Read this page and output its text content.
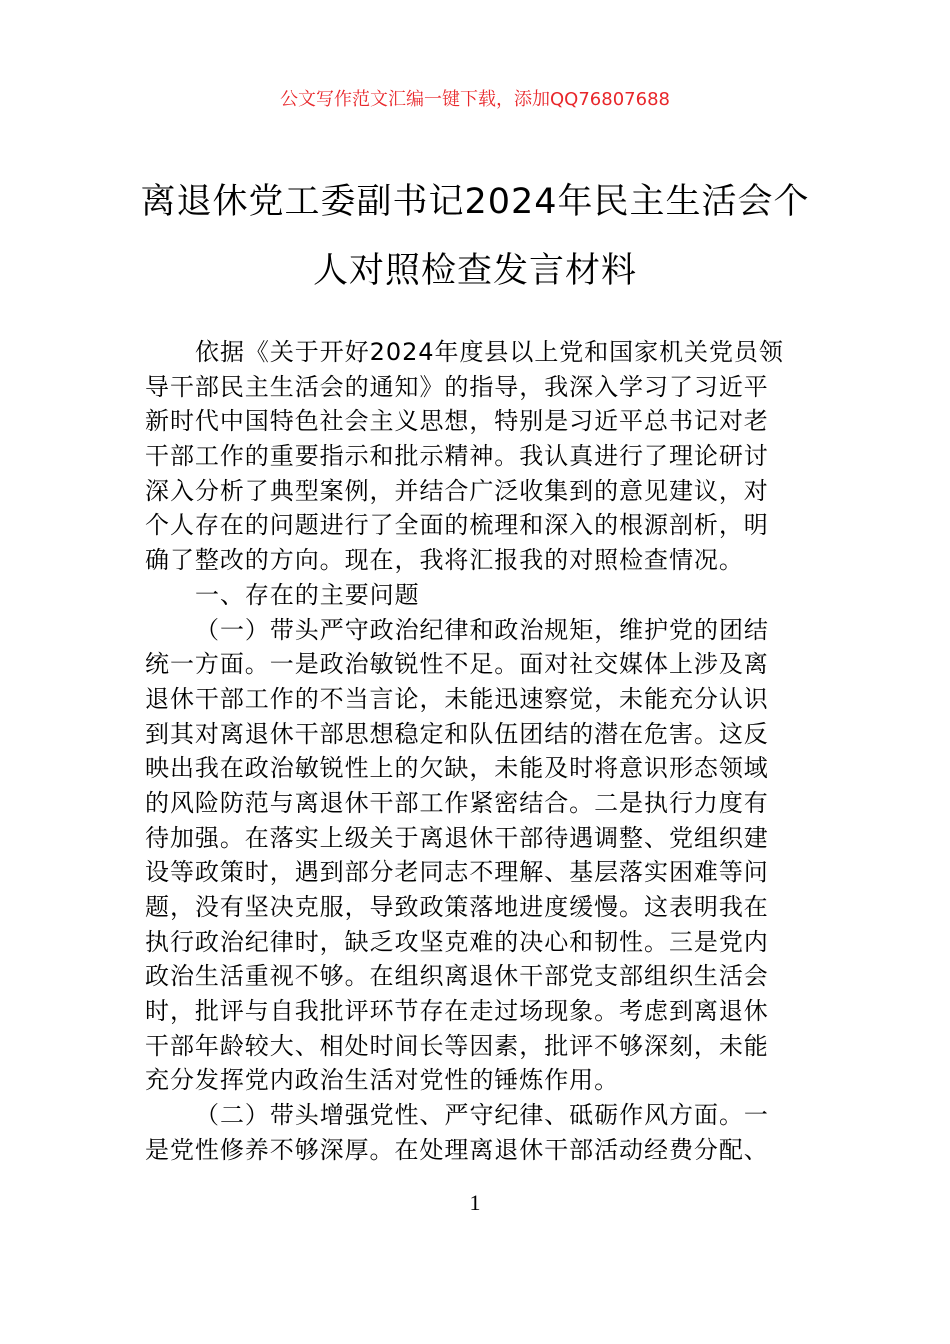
公文写作范文汇编一键下载，添加QQ76807688
离退休党工委副书记2024年民主生活会个
人对照检查发言材料
依据《关于开好2024年度县以上党和国家机关党员领
导干部民主生活会的通知》的指导，我深入学习了习近平
新时代中国特色社会主义思想，特别是习近平总书记对老
干部工作的重要指示和批示精神。我认真进行了理论研讨
深入分析了典型案例，并结合广泛收集到的意见建议，对
个人存在的问题进行了全面的梳理和深入的根源剖析，明
确了整改的方向。现在，我将汇报我的对照检查情况。
一、存在的主要问题
（一）带头严守政治纪律和政治规矩，维护党的团结
统一方面。一是政治敏锐性不足。面对社交媒体上涉及离
退休干部工作的不当言论，未能迅速察觉，未能充分认识
到其对离退休干部思想稳定和队伍团结的潜在危害。这反
映出我在政治敏锐性上的欠缺，未能及时将意识形态领域
的风险防范与离退休干部工作紧密结合。二是执行力度有
待加强。在落实上级关于离退休干部待遇调整、党组织建
设等政策时，遇到部分老同志不理解、基层落实困难等问
题，没有坚决克服，导致政策落地进度缓慢。这表明我在
执行政治纪律时，缺乏攻坚克难的决心和韧性。三是党内
政治生活重视不够。在组织离退休干部党支部组织生活会
时，批评与自我批评环节存在走过场现象。考虑到离退休
干部年龄较大、相处时间长等因素，批评不够深刻，未能
充分发挥党内政治生活对党性的锤炼作用。
（二）带头增强党性、严守纪律、砥砺作风方面。一
是党性修养不够深厚。在处理离退休干部活动经费分配、
1
